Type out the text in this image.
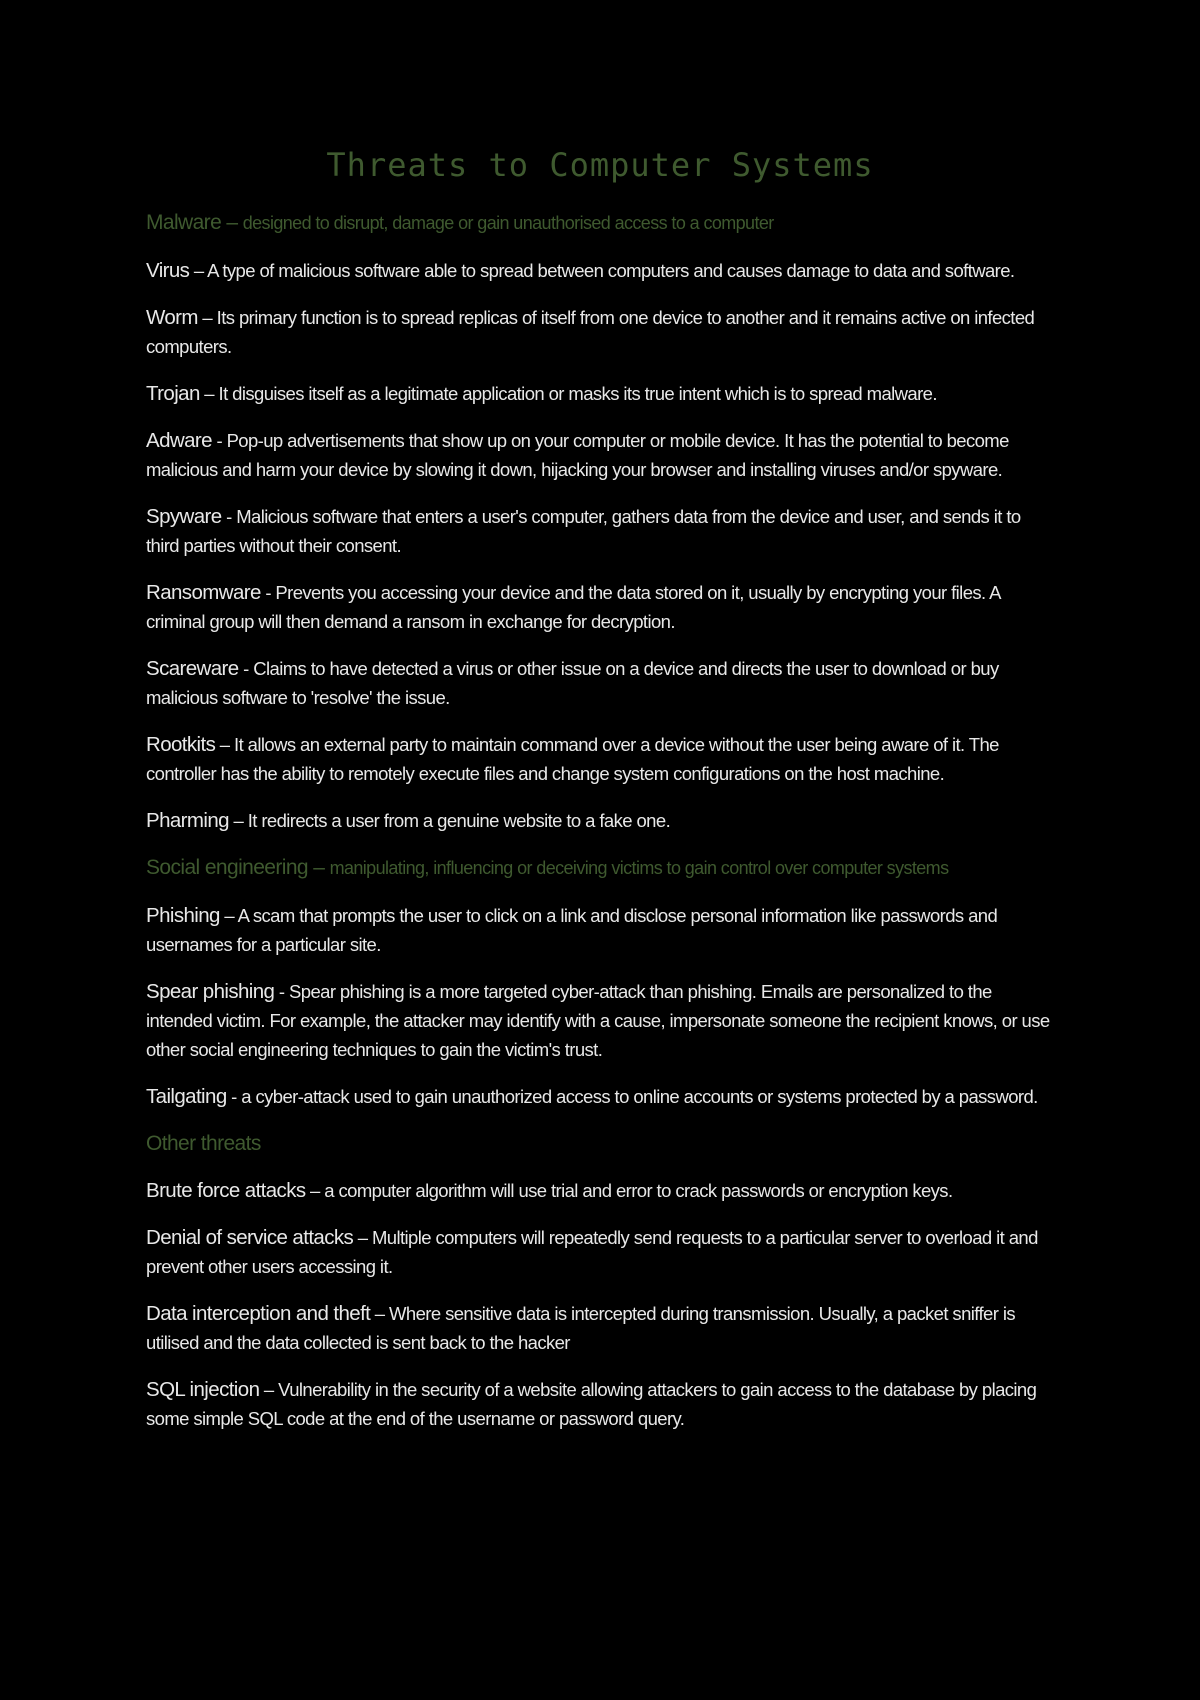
Threats to Computer Systems
Malware – designed to disrupt, damage or gain unauthorised access to a computer
Virus – A type of malicious software able to spread between computers and causes damage to data and software.
Worm – Its primary function is to spread replicas of itself from one device to another and it remains active on infected computers.
Trojan – It disguises itself as a legitimate application or masks its true intent which is to spread malware.
Adware - Pop-up advertisements that show up on your computer or mobile device. It has the potential to become malicious and harm your device by slowing it down, hijacking your browser and installing viruses and/or spyware.
Spyware - Malicious software that enters a user's computer, gathers data from the device and user, and sends it to third parties without their consent.
Ransomware - Prevents you accessing your device and the data stored on it, usually by encrypting your files. A criminal group will then demand a ransom in exchange for decryption.
Scareware - Claims to have detected a virus or other issue on a device and directs the user to download or buy malicious software to 'resolve' the issue.
Rootkits – It allows an external party to maintain command over a device without the user being aware of it. The controller has the ability to remotely execute files and change system configurations on the host machine.
Pharming – It redirects a user from a genuine website to a fake one.
Social engineering – manipulating, influencing or deceiving victims to gain control over computer systems
Phishing – A scam that prompts the user to click on a link and disclose personal information like passwords and usernames for a particular site.
Spear phishing - Spear phishing is a more targeted cyber-attack than phishing. Emails are personalized to the intended victim. For example, the attacker may identify with a cause, impersonate someone the recipient knows, or use other social engineering techniques to gain the victim's trust.
Tailgating - a cyber-attack used to gain unauthorized access to online accounts or systems protected by a password.
Other threats
Brute force attacks – a computer algorithm will use trial and error to crack passwords or encryption keys.
Denial of service attacks – Multiple computers will repeatedly send requests to a particular server to overload it and prevent other users accessing it.
Data interception and theft – Where sensitive data is intercepted during transmission. Usually, a packet sniffer is utilised and the data collected is sent back to the hacker
SQL injection – Vulnerability in the security of a website allowing attackers to gain access to the database by placing some simple SQL code at the end of the username or password query.
